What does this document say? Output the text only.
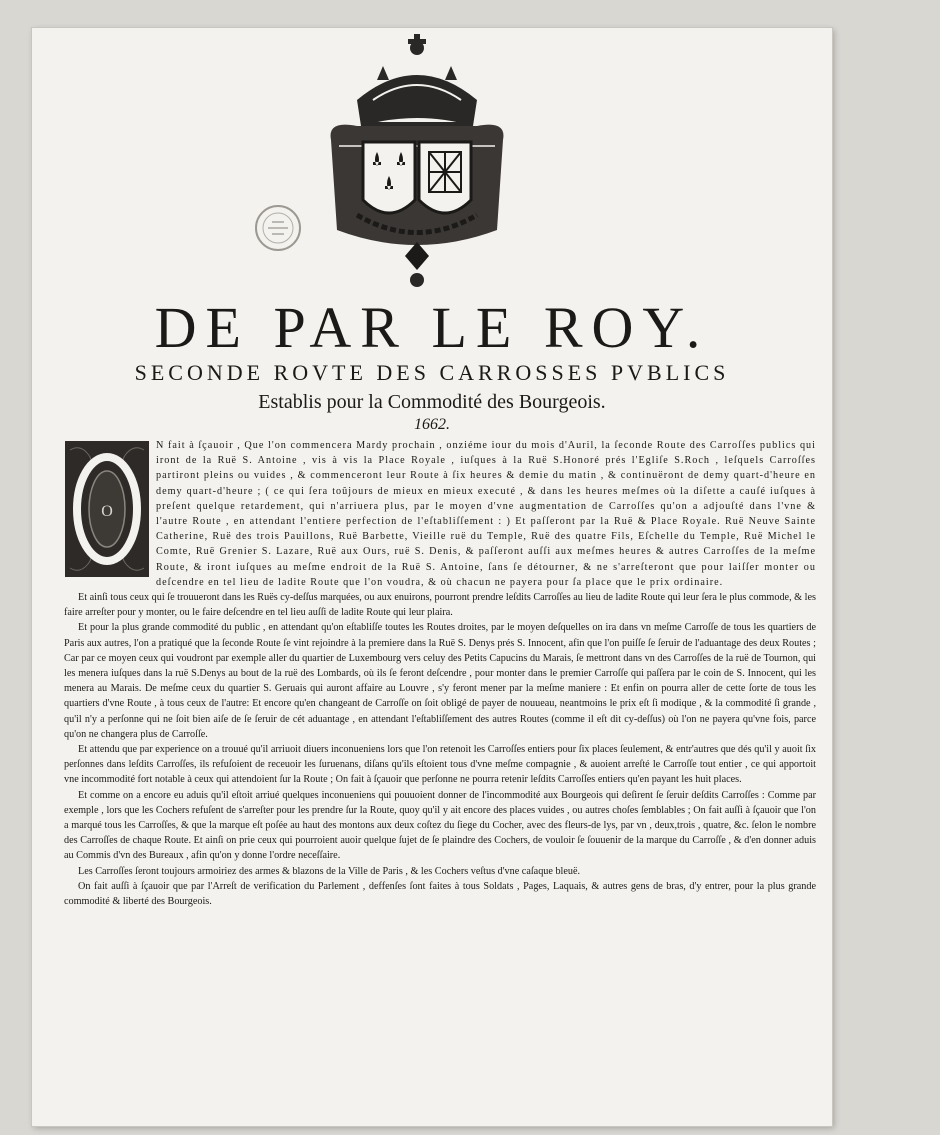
DE PAR LE ROY.
SECONDE ROVTE DES CARROSSES PVBLICS
Establis pour la Commodité des Bourgeois.
1662.
O

N fait à ſçauoir , Que l'on commencera Mardy prochain , onziéme iour du mois d'Auril, la ſeconde Route des Carroſſes publics qui iront de la Ruë S. Antoine , vis à vis la Place Royale , iuſques à la Ruë S.Honoré prés l'Egliſe S.Roch , leſquels Carroſſes partiront pleins ou vuides , & commenceront leur Route à ſix heures & demie du matin , & continuëront de demy quart-d'heure en demy quart-d'heure ; ( ce qui ſera toûjours de mieux en mieux executé , & dans les heures meſmes où la diſette a cauſé iuſques à preſent quelque retardement, qui n'arriuera plus, par le moyen d'vne augmentation de Carroſſes qu'on a adjouſté dans l'vne & l'autre Route , en attendant l'entiere perfection de l'eſtabliſſement : ) Et paſſeront par la Ruë & Place Royale. Ruë Neuve Sainte Catherine, Ruë des trois Pauillons, Ruë Barbette, Vieille ruë du Temple, Ruë des quatre Fils, Eſchelle du Temple, Ruë Michel le Comte, Ruë Grenier S. Lazare, Ruë aux Ours, ruë S. Denis, & paſſeront auſſi aux meſmes heures & autres Carroſſes de la meſme Route, & iront iuſques au meſme endroit de la Ruë S. Antoine, ſans ſe détourner, & ne s'arreſteront que pour laiſſer monter ou deſcendre en tel lieu de ladite Route que l'on voudra, & où chacun ne payera pour ſa place que le prix ordinaire.

Et ainſi tous ceux qui ſe trouueront dans les Ruës cy-deſſus marquées, ou aux enuirons, pourront prendre leſdits Carroſſes au lieu de ladite Route qui leur ſera le plus commode, & les faire arreſter pour y monter, ou le faire deſcendre en tel lieu auſſi de ladite Route qui leur plaira.

Et pour la plus grande commodité du public , en attendant qu'on eſtabliſſe toutes les Routes droites, par le moyen deſquelles on ira dans vn meſme Carroſſe de tous les quartiers de Paris aux autres, l'on a pratiqué que la ſeconde Route ſe vint rejoindre à la premiere dans la Ruë S. Denys prés S. Innocent, afin que l'on puiſſe ſe ſeruir de l'aduantage des deux Routes ; Car par ce moyen ceux qui voudront par exemple aller du quartier de Luxembourg vers celuy des Petits Capucins du Marais, ſe mettront dans vn des Carroſſes de la ruë de Tournon, qui les menera iuſques dans la ruë S.Denys au bout de la ruë des Lombards, où ils ſe feront deſcendre , pour monter dans le premier Carroſſe qui paſſera par le coin de S. Innocent, qui les menera au Marais. De meſme ceux du quartier S. Geruais qui auront affaire au Louvre , s'y feront mener par la meſme maniere : Et enfin on pourra aller de cette ſorte de tous les quartiers d'vne Route , à tous ceux de l'autre: Et encore qu'en changeant de Carroſſe on ſoit obligé de payer de nouueau, neantmoins le prix eſt ſi modique , & la commodité ſi grande , qu'il n'y a perſonne qui ne ſoit bien aiſe de ſe ſeruir de cét aduantage , en attendant l'eſtabliſſement des autres Routes (comme il eſt dit cy-deſſus) où l'on ne payera qu'vne fois, parce qu'on ne changera plus de Carroſſe.

Et attendu que par experience on a trouué qu'il arriuoit diuers inconueniens lors que l'on retenoit les Carroſſes entiers pour ſix places ſeulement, & entr'autres que dés qu'il y auoit ſix perſonnes dans leſdits Carroſſes, ils refuſoient de receuoir les ſuruenans, diſans qu'ils eſtoient tous d'vne meſme compagnie , & auoient arreſté le Carroſſe tout entier , ce qui apportoit vne incommodité fort notable à ceux qui attendoient ſur la Route ; On fait à ſçauoir que perſonne ne pourra retenir leſdits Carroſſes entiers qu'en payant les huit places.

Et comme on a encore eu aduis qu'il eſtoit arriué quelques inconueniens qui pouuoient donner de l'incommodité aux Bourgeois qui deſirent ſe ſeruir deſdits Carroſſes : Comme par exemple , lors que les Cochers refuſent de s'arreſter pour les prendre ſur la Route, quoy qu'il y ait encore des places vuides , ou autres choſes ſemblables ; On fait auſſi à ſçauoir que l'on a marqué tous les Carroſſes, & que la marque eſt poſée au haut des montons aux deux coſtez du ſiege du Cocher, avec des fleurs-de lys, par vn , deux,trois , quatre, &c. ſelon le nombre des Carroſſes de chaque Route. Et ainſi on prie ceux qui pourroient auoir quelque ſujet de ſe plaindre des Cochers, de vouloir ſe ſouuenir de la marque du Carroſſe , & d'en donner aduis au Commis d'vn des Bureaux , afin qu'on y donne l'ordre neceſſaire.

Les Carroſſes ſeront toujours armoiriez des armes & blazons de la Ville de Paris , & les Cochers veſtus d'vne caſaque bleuë.

On fait auſſi à ſçauoir que par l'Arreſt de verification du Parlement , deffenſes ſont faites à tous Soldats , Pages, Laquais, & autres gens de bras, d'y entrer, pour la plus grande commodité & liberté des Bourgeois.
